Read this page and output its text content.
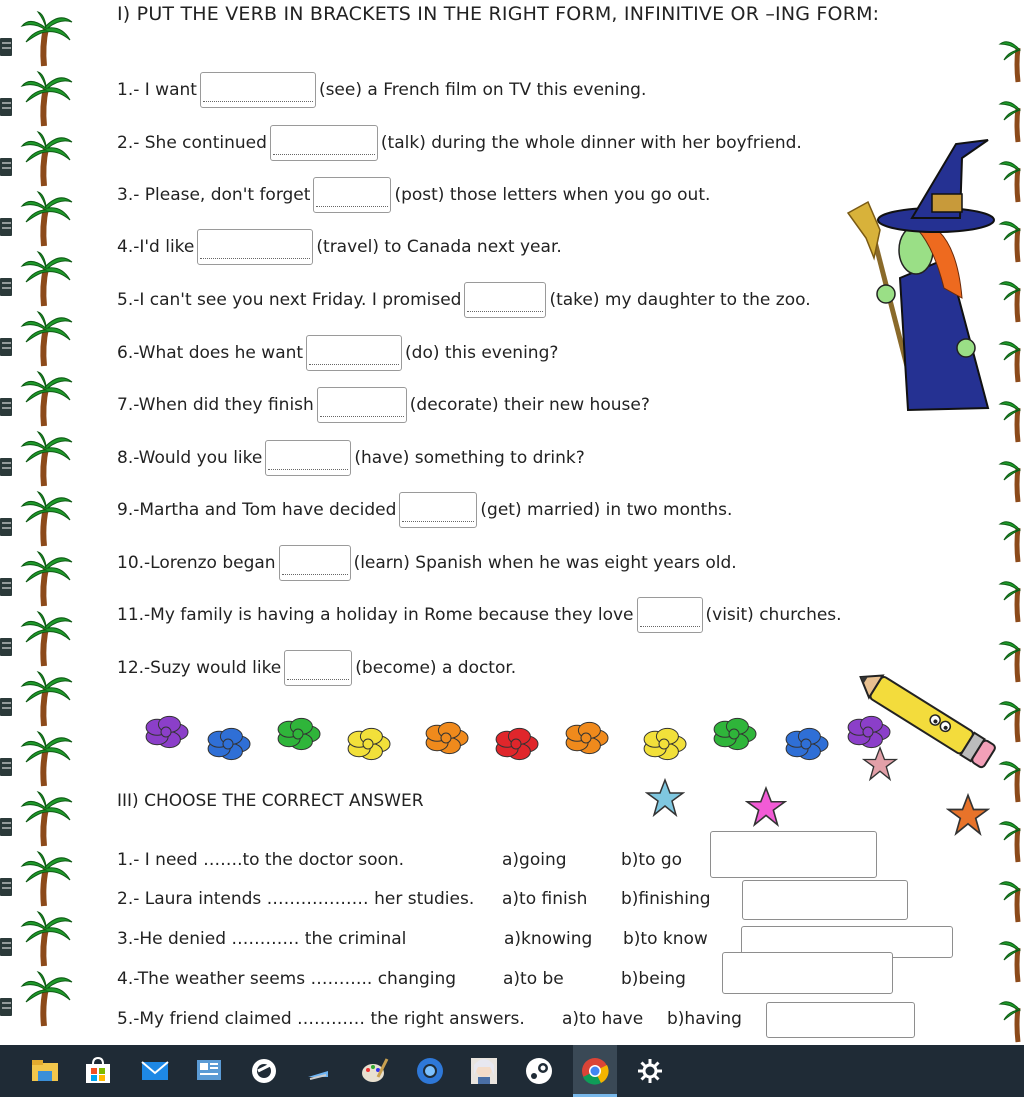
I) PUT THE VERB IN BRACKETS IN THE RIGHT FORM, INFINITIVE OR –ING FORM:
1.- I want	(see) a French film on TV this evening.
2.- She continued	(talk) during the whole dinner with her boyfriend.
3.- Please, don't forget	(post) those letters when you go out.
4.-I'd like	(travel) to Canada next year.
5.-I can't see you next Friday. I promised	(take) my daughter to the zoo.
6.-What does he want	(do) this evening?
7.-When did they finish	(decorate) their new house?
8.-Would you like	(have) something to drink?
9.-Martha and Tom have decided	(get) married) in two months.
10.-Lorenzo began	(learn) Spanish when he was eight years old.
11.-My family is having a holiday in Rome because they love	(visit) churches.
12.-Suzy would like	(become) a doctor.
III) CHOOSE THE CORRECT ANSWER
1.- I need …….to the doctor soon.	a)going	b)to go
2.- Laura intends ……………… her studies. a)to finish b)finishing
3.-He denied ………… the criminal	a)knowing b)to know
4.-The weather seems ……….. changing	a)to be	b)being
5.-My friend claimed ………… the right answers. a)to have b)having
